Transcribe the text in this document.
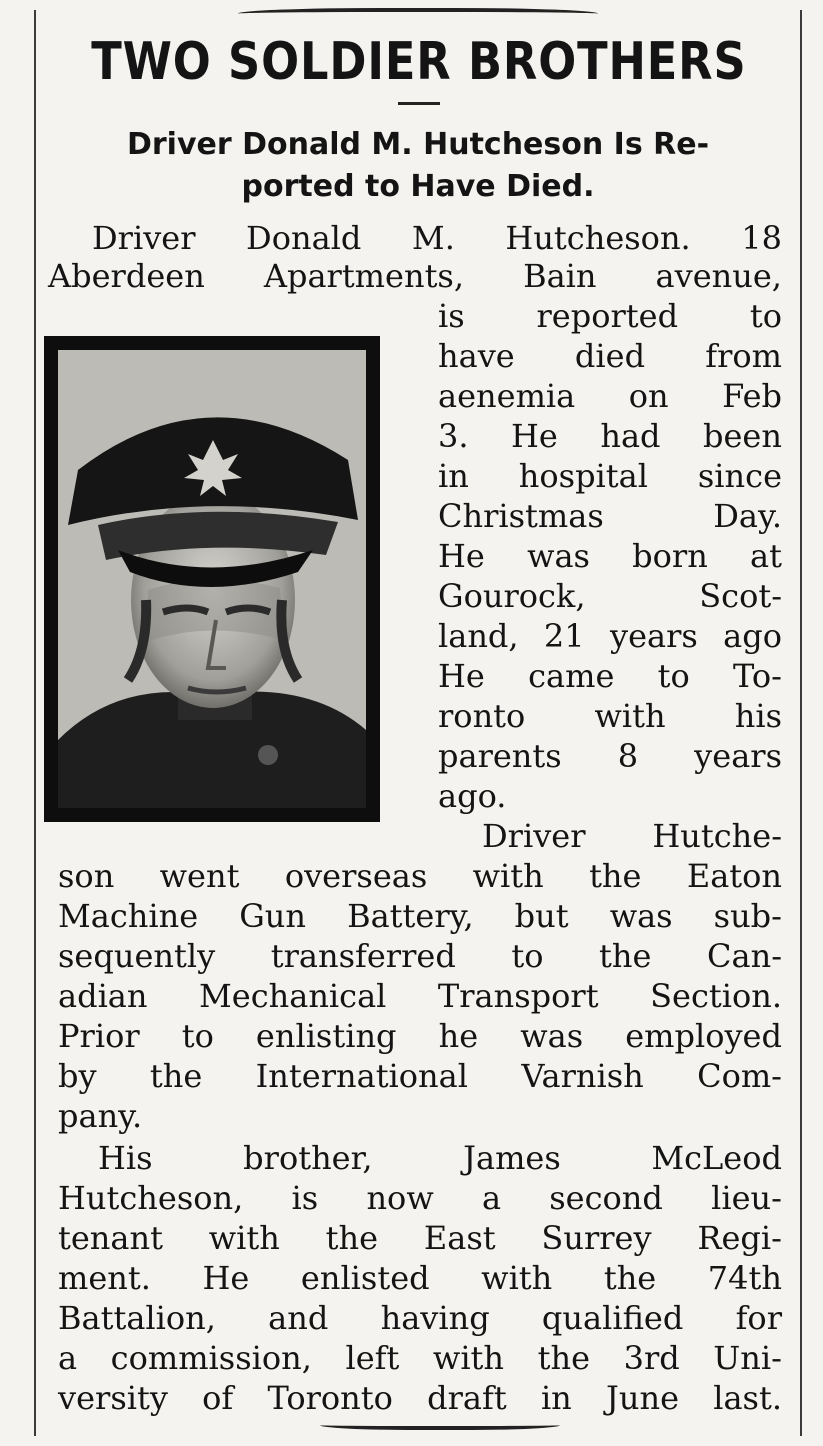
TWO SOLDIER BROTHERS
Driver Donald M. Hutcheson Is Re-
ported to Have Died.
Driver Donald M. Hutcheson. 18
Aberdeen Apartments, Bain avenue,
is reported to
have died from
aenemia on Feb
3. He had been
in hospital since
Christmas	Day.
He was born at
Gourock,	Scot-
land, 21 years ago
He came to To-
ronto with his
parents 8 years
ago.
Driver Hutche-
son went overseas with the Eaton
Machine Gun Battery, but was sub-
sequently transferred to the Can-
adian Mechanical Transport Section.
Prior to enlisting he was employed
by the International Varnish Com-
pany.
His	brother,	James	McLeod
Hutcheson, is now a second lieu-
tenant with the East Surrey Regi-
ment. He enlisted with the 74th
Battalion, and having qualified for
a commission, left with the 3rd Uni-
versity of Toronto draft in June last.
